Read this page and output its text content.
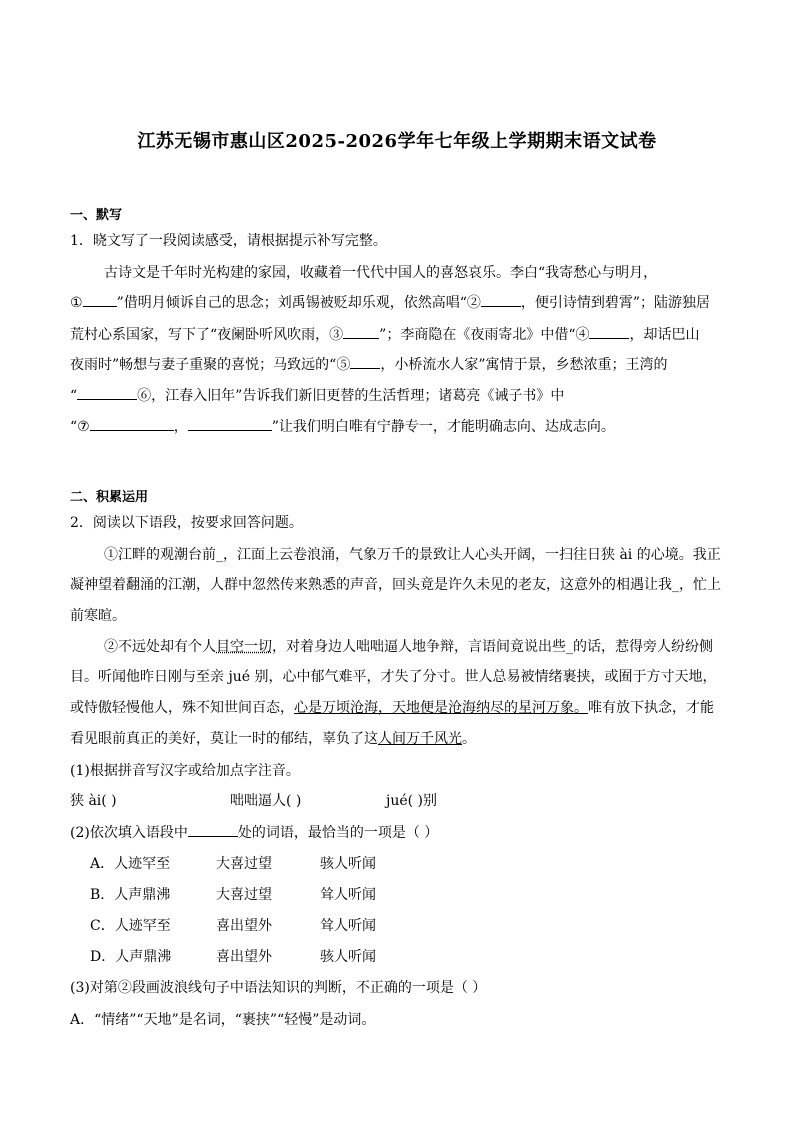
江苏无锡市惠山区2025-2026学年七年级上学期期末语文试卷
一、默写
1．晓文写了一段阅读感受，请根据提示补写完整。
古诗文是千年时光构建的家园，收藏着一代代中国人的喜怒哀乐。李白“我寄愁心与明月，
① ”借明月倾诉自己的思念；刘禹锡被贬却乐观，依然高唱“②	，便引诗情到碧霄”；陆游独居
荒村心系国家，写下了“夜阑卧听风吹雨，③	”；李商隐在《夜雨寄北》中借“④	，却话巴山
夜雨时”畅想与妻子重聚的喜悦；马致远的“⑤ ，小桥流水人家”寓情于景，乡愁浓重；王湾的
“	⑥，江春入旧年”告诉我们新旧更替的生活哲理；诸葛亮《诫子书》中
“⑦	，	”让我们明白唯有宁静专一，才能明确志向、达成志向。
二、积累运用
2．阅读以下语段，按要求回答问题。
①江畔的观潮台前_，江面上云卷浪涌，气象万千的景致让人心头开阔，一扫往日狭 ài 的心境。我正
凝神望着翻涌的江潮，人群中忽然传来熟悉的声音，回头竟是许久未见的老友，这意外的相遇让我_，忙上
前寒暄。
②不远处却有个人目空一切，对着身边人咄咄逼人地争辩，言语间竟说出些_的话，惹得旁人纷纷侧
目。听闻他昨日刚与至亲 jué 别，心中郁气难平，才失了分寸。世人总易被情绪裹挟，或囿于方寸天地，
或恃傲轻慢他人，殊不知世间百态，心是万顷沧海，天地便是沧海纳尽的星河万象。唯有放下执念，才能
看见眼前真正的美好，莫让一时的郁结，辜负了这人间万千风光。
(1)根据拼音写汉字或给加点字注音。
狭 ài( )	咄咄逼人( )	jué( )别
(2)依次填入语段中	处的词语，最恰当的一项是（ ）
A．人迹罕至	大喜过望	骇人听闻
B．人声鼎沸	大喜过望	耸人听闻
C．人迹罕至	喜出望外	耸人听闻
D．人声鼎沸	喜出望外	骇人听闻
(3)对第②段画波浪线句子中语法知识的判断，不正确的一项是（ ）
A．“情绪”“天地”是名词，“裹挟”“轻慢”是动词。
